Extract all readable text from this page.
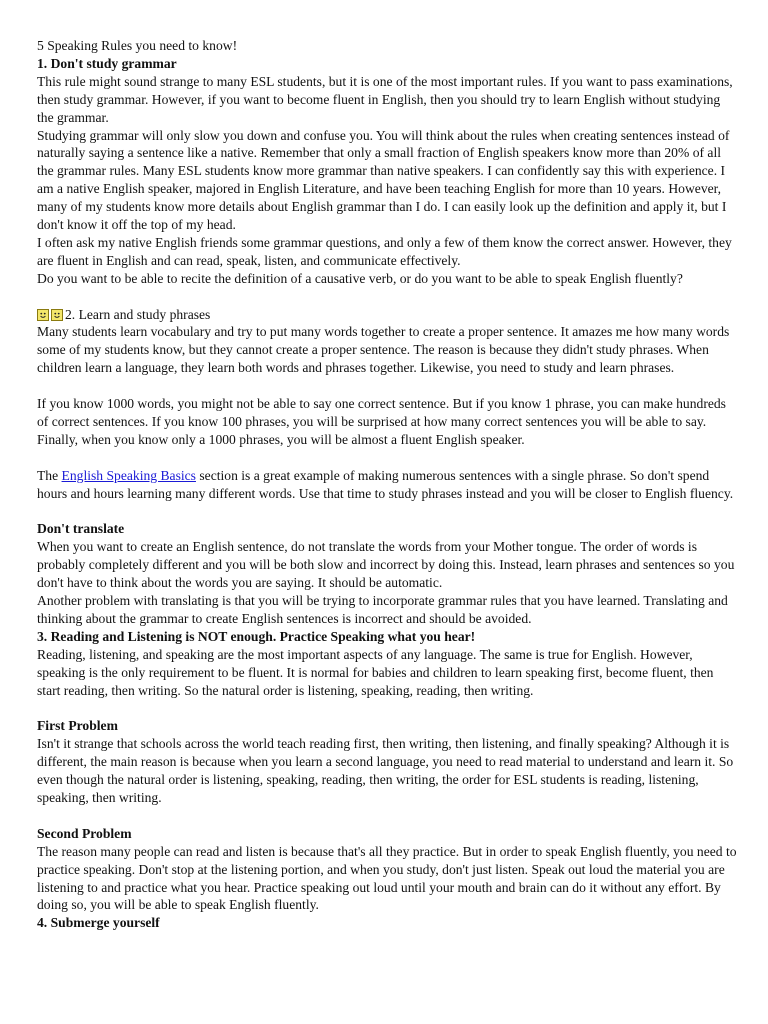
5 Speaking Rules you need to know!

1. Don't study grammar

This rule might sound strange to many ESL students, but it is one of the most important rules. If you want to pass examinations, then study grammar. However, if you want to become fluent in English, then you should try to learn English without studying the grammar.

Studying grammar will only slow you down and confuse you. You will think about the rules when creating sentences instead of naturally saying a sentence like a native. Remember that only a small fraction of English speakers know more than 20% of all the grammar rules. Many ESL students know more grammar than native speakers. I can confidently say this with experience. I am a native English speaker, majored in English Literature, and have been teaching English for more than 10 years. However, many of my students know more details about English grammar than I do. I can easily look up the definition and apply it, but I don't know it off the top of my head.

I often ask my native English friends some grammar questions, and only a few of them know the correct answer. However, they are fluent in English and can read, speak, listen, and communicate effectively.

Do you want to be able to recite the definition of a causative verb, or do you want to be able to speak English fluently?

2. Learn and study phrases

Many students learn vocabulary and try to put many words together to create a proper sentence. It amazes me how many words some of my students know, but they cannot create a proper sentence. The reason is because they didn't study phrases. When children learn a language, they learn both words and phrases together. Likewise, you need to study and learn phrases.

If you know 1000 words, you might not be able to say one correct sentence. But if you know 1 phrase, you can make hundreds of correct sentences. If you know 100 phrases, you will be surprised at how many correct sentences you will be able to say. Finally, when you know only a 1000 phrases, you will be almost a fluent English speaker.

The English Speaking Basics section is a great example of making numerous sentences with a single phrase. So don't spend hours and hours learning many different words. Use that time to study phrases instead and you will be closer to English fluency.

Don't translate

When you want to create an English sentence, do not translate the words from your Mother tongue. The order of words is probably completely different and you will be both slow and incorrect by doing this. Instead, learn phrases and sentences so you don't have to think about the words you are saying. It should be automatic.

Another problem with translating is that you will be trying to incorporate grammar rules that you have learned. Translating and thinking about the grammar to create English sentences is incorrect and should be avoided.

3. Reading and Listening is NOT enough. Practice Speaking what you hear!

Reading, listening, and speaking are the most important aspects of any language. The same is true for English. However, speaking is the only requirement to be fluent. It is normal for babies and children to learn speaking first, become fluent, then start reading, then writing. So the natural order is listening, speaking, reading, then writing.

First Problem

Isn't it strange that schools across the world teach reading first, then writing, then listening, and finally speaking? Although it is different, the main reason is because when you learn a second language, you need to read material to understand and learn it. So even though the natural order is listening, speaking, reading, then writing, the order for ESL students is reading, listening, speaking, then writing.

Second Problem

The reason many people can read and listen is because that's all they practice. But in order to speak English fluently, you need to practice speaking. Don't stop at the listening portion, and when you study, don't just listen. Speak out loud the material you are listening to and practice what you hear. Practice speaking out loud until your mouth and brain can do it without any effort. By doing so, you will be able to speak English fluently.

4. Submerge yourself
